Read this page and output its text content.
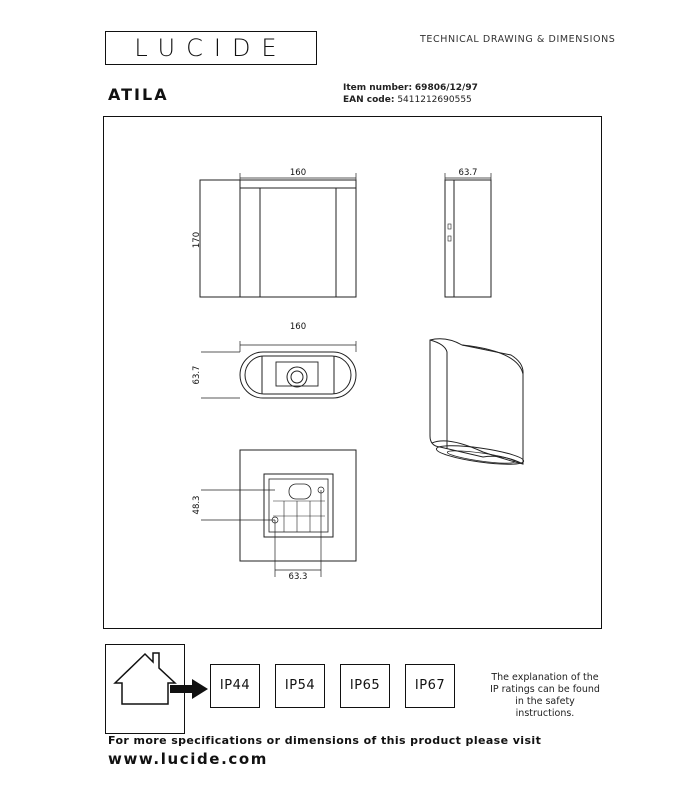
LUCIDE	TECHNICAL DRAWING & DIMENSIONS
ATILA	Item number: 69806/12/97
EAN code: 5411212690555
160
170
63.7
160
63.7
48.3
63.3
IP44	IP54	IP65	IP67
The explanation of the
IP ratings can be found
in the safety
instructions.
For more specifications or dimensions of this product please visit
www.lucide.com
